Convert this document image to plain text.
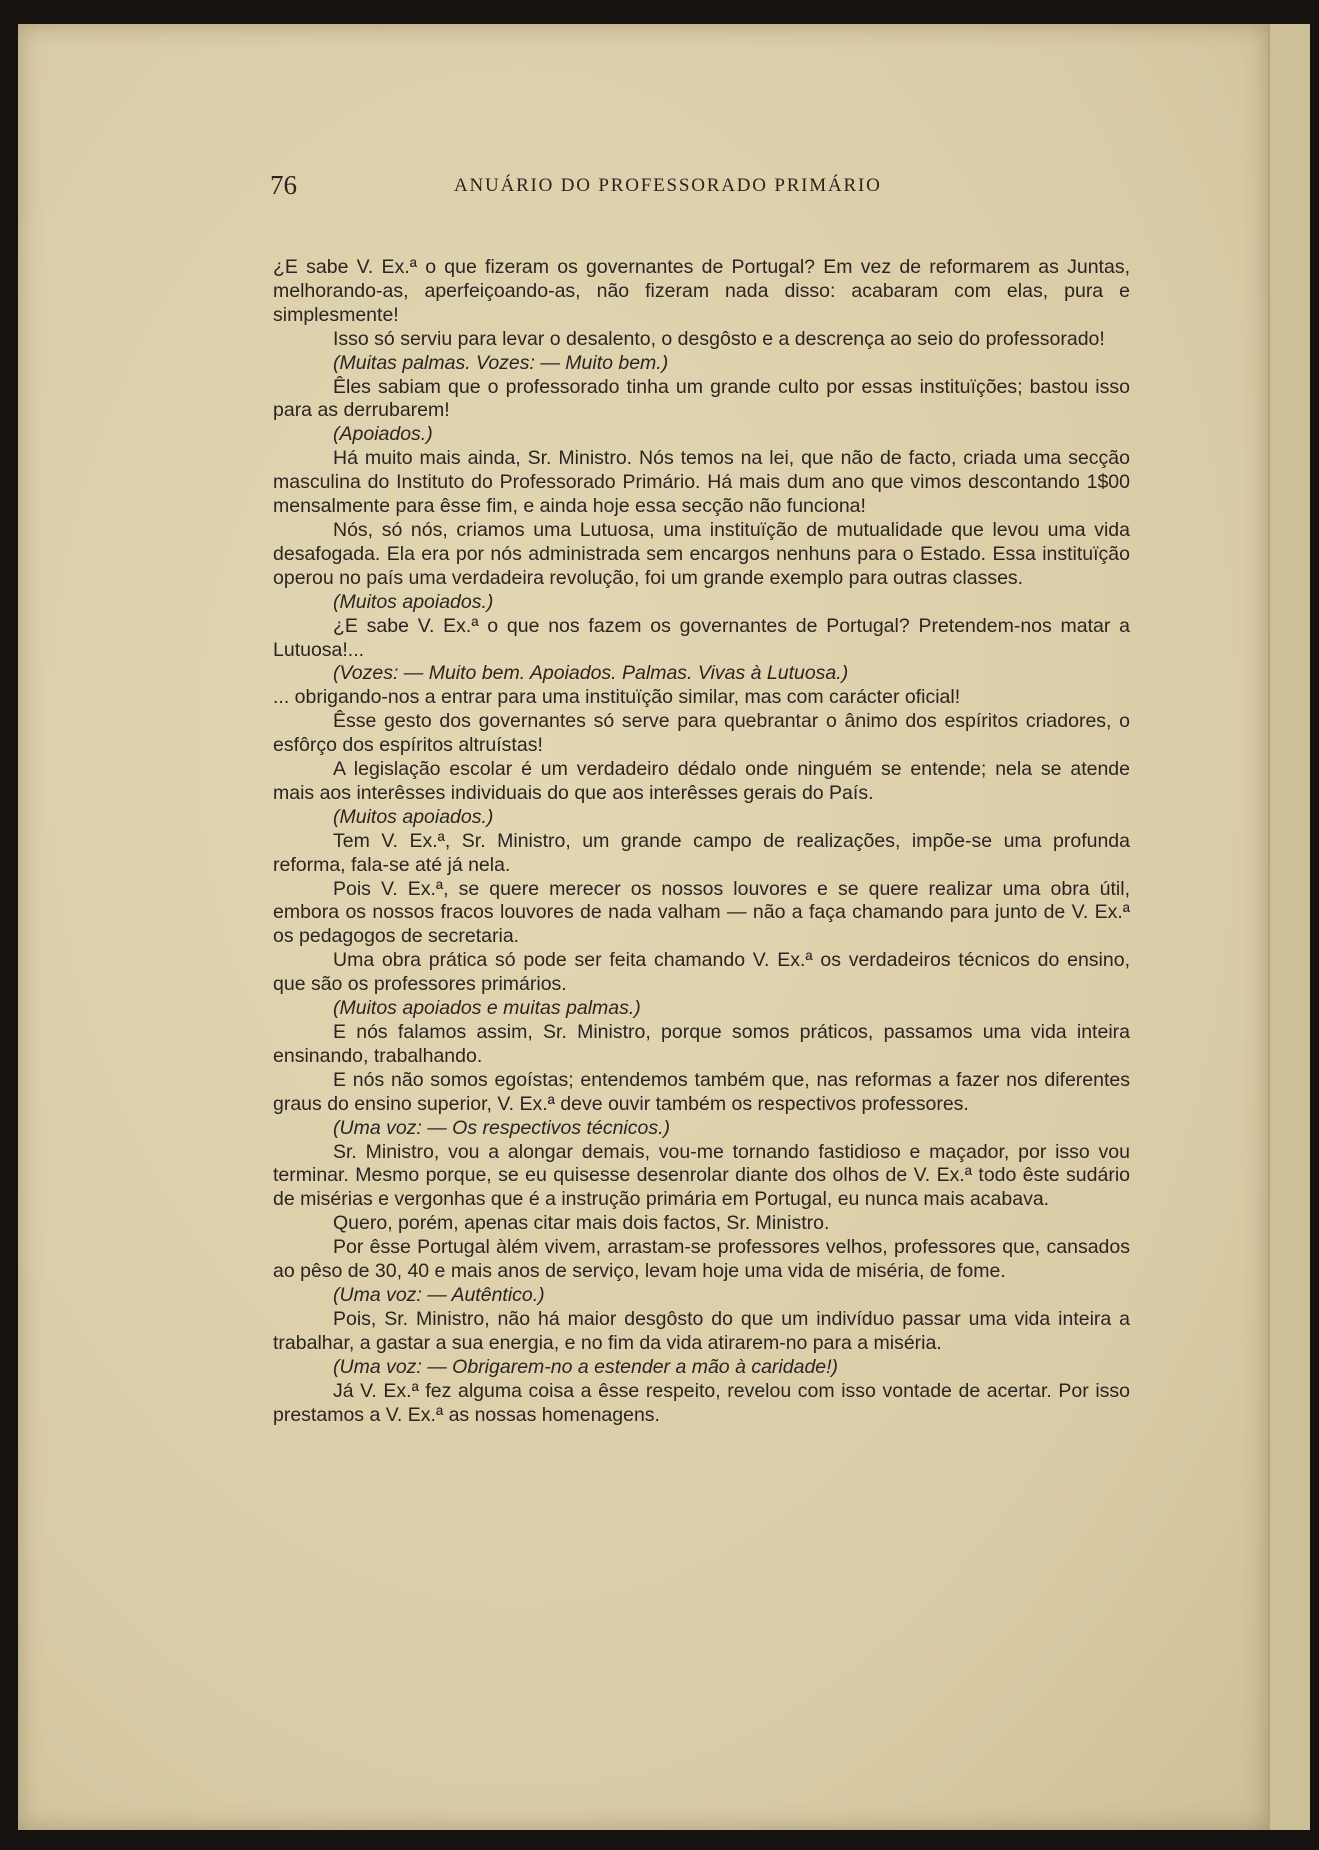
76	ANUÁRIO DO PROFESSORADO PRIMÁRIO

¿E sabe V. Ex.ª o que fizeram os governantes de Portugal? Em vez de reformarem as Juntas, melhorando-as, aperfeiçoando-as, não fizeram nada disso: acabaram com elas, pura e simplesmente!

Isso só serviu para levar o desalento, o desgôsto e a descrença ao seio do professorado!

(Muitas palmas. Vozes: — Muito bem.)

Êles sabiam que o professorado tinha um grande culto por essas instituïções; bastou isso para as derrubarem!

(Apoiados.)

Há muito mais ainda, Sr. Ministro. Nós temos na lei, que não de facto, criada uma secção masculina do Instituto do Professorado Primário. Há mais dum ano que vimos descontando 1$00 mensalmente para êsse fim, e ainda hoje essa secção não funciona!

Nós, só nós, criamos uma Lutuosa, uma instituïção de mutualidade que levou uma vida desafogada. Ela era por nós administrada sem encargos nenhuns para o Estado. Essa instituïção operou no país uma verdadeira revolução, foi um grande exemplo para outras classes.

(Muitos apoiados.)

¿E sabe V. Ex.ª o que nos fazem os governantes de Portugal? Pretendem-nos matar a Lutuosa!...

(Vozes: — Muito bem. Apoiados. Palmas. Vivas à Lutuosa.)

... obrigando-nos a entrar para uma instituïção similar, mas com carácter oficial!

Êsse gesto dos governantes só serve para quebrantar o ânimo dos espíritos criadores, o esfôrço dos espíritos altruístas!

A legislação escolar é um verdadeiro dédalo onde ninguém se entende; nela se atende mais aos interêsses individuais do que aos interêsses gerais do País.

(Muitos apoiados.)

Tem V. Ex.ª, Sr. Ministro, um grande campo de realizações, impõe-se uma profunda reforma, fala-se até já nela.

Pois V. Ex.ª, se quere merecer os nossos louvores e se quere realizar uma obra útil, embora os nossos fracos louvores de nada valham — não a faça chamando para junto de V. Ex.ª os pedagogos de secretaria.

Uma obra prática só pode ser feita chamando V. Ex.ª os verdadeiros técnicos do ensino, que são os professores primários.

(Muitos apoiados e muitas palmas.)

E nós falamos assim, Sr. Ministro, porque somos práticos, passamos uma vida inteira ensinando, trabalhando.

E nós não somos egoístas; entendemos também que, nas reformas a fazer nos diferentes graus do ensino superior, V. Ex.ª deve ouvir também os respectivos professores.

(Uma voz: — Os respectivos técnicos.)

Sr. Ministro, vou a alongar demais, vou-me tornando fastidioso e maçador, por isso vou terminar. Mesmo porque, se eu quisesse desenrolar diante dos olhos de V. Ex.ª todo êste sudário de misérias e vergonhas que é a instrução primária em Portugal, eu nunca mais acabava.

Quero, porém, apenas citar mais dois factos, Sr. Ministro.

Por êsse Portugal àlém vivem, arrastam-se professores velhos, professores que, cansados ao pêso de 30, 40 e mais anos de serviço, levam hoje uma vida de miséria, de fome.

(Uma voz: — Autêntico.)

Pois, Sr. Ministro, não há maior desgôsto do que um indivíduo passar uma vida inteira a trabalhar, a gastar a sua energia, e no fim da vida atirarem-no para a miséria.

(Uma voz: — Obrigarem-no a estender a mão à caridade!)

Já V. Ex.ª fez alguma coisa a êsse respeito, revelou com isso vontade de acertar. Por isso prestamos a V. Ex.ª as nossas homenagens.
